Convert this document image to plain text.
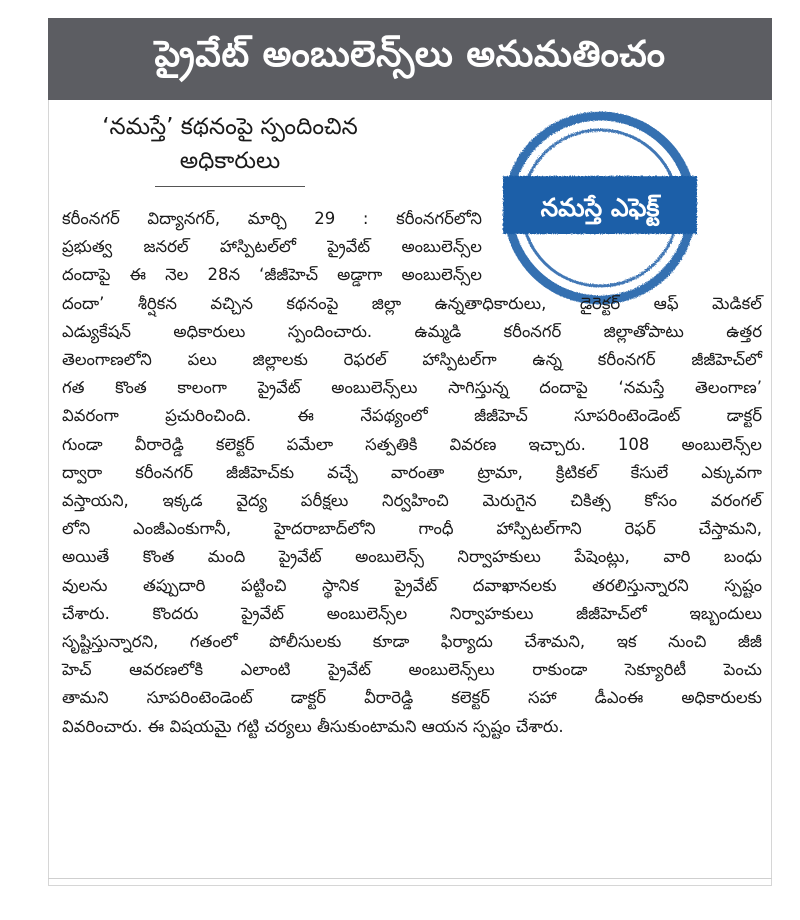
ప్రైవేట్ అంబులెన్స్‌లు అనుమతించం
‘నమస్తే’ కథనంపై స్పందించిన అధికారులు
నమస్తే ఎఫెక్ట్
కరీంనగర్ విద్యానగర్, మార్చి 29 : కరీంనగర్‌లోని
ప్రభుత్వ జనరల్ హాస్పిటల్‌లో ప్రైవేట్ అంబులెన్స్‌ల
దందాపై ఈ నెల 28న ‘జీజీహెచ్ అడ్డాగా అంబులెన్స్‌ల
దందా’ శీర్షికన వచ్చిన కథనంపై జిల్లా ఉన్నతాధికారులు, డైరెక్టర్ ఆఫ్ మెడికల్
ఎడ్యుకేషన్ అధికారులు స్పందించారు. ఉమ్మడి కరీంనగర్ జిల్లాతోపాటు ఉత్తర
తెలంగాణలోని పలు జిల్లాలకు రెఫరల్ హాస్పిటల్‌గా ఉన్న కరీంనగర్ జీజీహెచ్‌లో
గత కొంత కాలంగా ప్రైవేట్ అంబులెన్స్‌లు సాగిస్తున్న దందాపై ‘నమస్తే తెలంగాణ’
వివరంగా ప్రచురించింది. ఈ నేపథ్యంలో జీజీహెచ్ సూపరింటెండెంట్ డాక్టర్
గుండా వీరారెడ్డి కలెక్టర్ పమేలా సత్పతికి వివరణ ఇచ్చారు. 108 అంబులెన్స్‌ల
ద్వారా కరీంనగర్ జీజీహెచ్‌కు వచ్చే వారంతా ట్రామా, క్రిటికల్ కేసులే ఎక్కువగా
వస్తాయని, ఇక్కడ వైద్య పరీక్షలు నిర్వహించి మెరుగైన చికిత్స కోసం వరంగల్
లోని ఎంజీఎంకుగానీ, హైదరాబాద్‌లోని గాంధీ హాస్పిటల్‌గాని రెఫర్ చేస్తామని,
అయితే కొంత మంది ప్రైవేట్ అంబులెన్స్ నిర్వాహకులు పేషెంట్లు, వారి బంధు
వులను తప్పుదారి పట్టించి స్థానిక ప్రైవేట్ దవాఖానలకు తరలిస్తున్నారని స్పష్టం
చేశారు. కొందరు ప్రైవేట్ అంబులెన్స్‌ల నిర్వాహకులు జీజీహెచ్‌లో ఇబ్బందులు
సృష్టిస్తున్నారని, గతంలో పోలీసులకు కూడా ఫిర్యాదు చేశామని, ఇక నుంచి జీజీ
హెచ్ ఆవరణలోకి ఎలాంటి ప్రైవేట్ అంబులెన్స్‌లు రాకుండా సెక్యూరిటీ పెంచు
తామని సూపరింటెండెంట్ డాక్టర్ వీరారెడ్డి కలెక్టర్ సహా డీఎంఈ అధికారులకు
వివరించారు. ఈ విషయమై గట్టి చర్యలు తీసుకుంటామని ఆయన స్పష్టం చేశారు.
